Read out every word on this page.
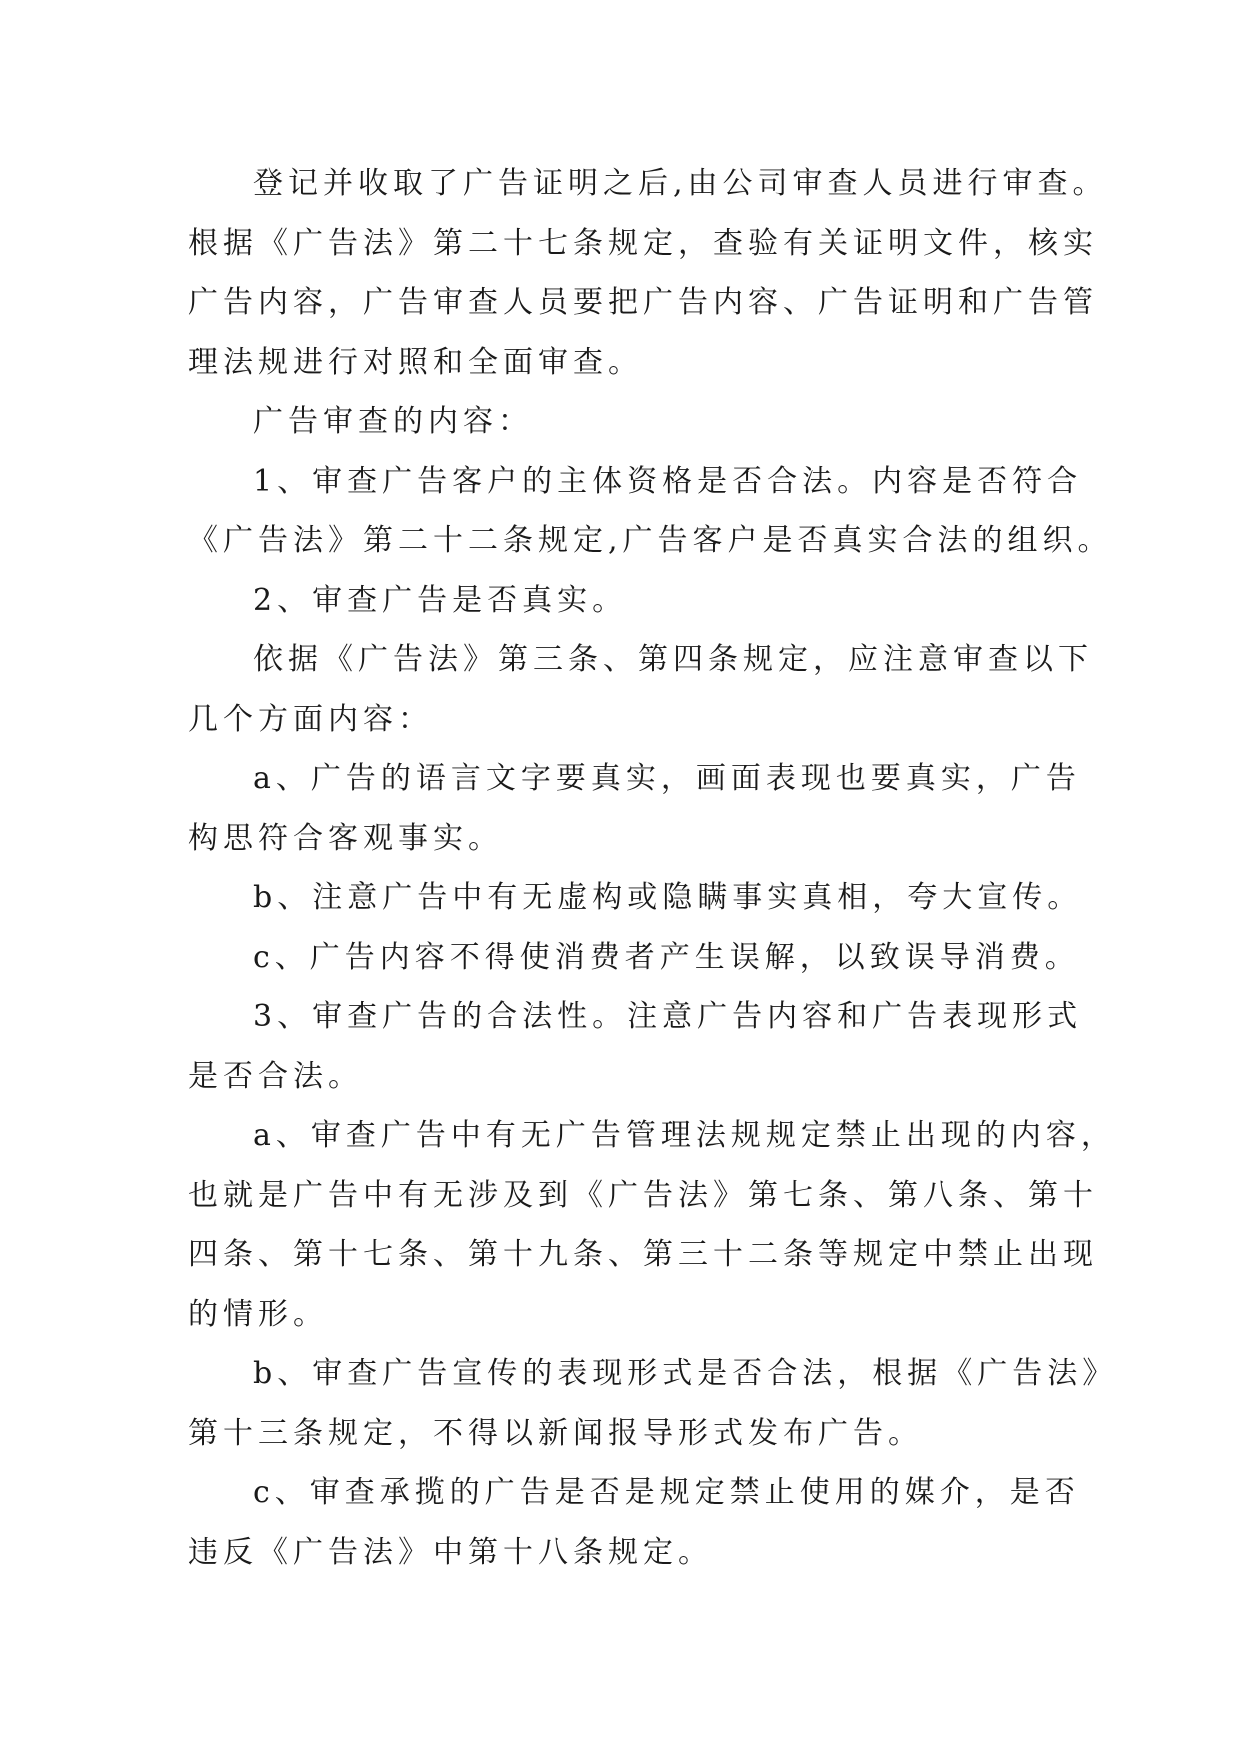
登记并收取了广告证明之后,由公司审查人员进行审查。
根据《广告法》第二十七条规定，查验有关证明文件，核实
广告内容，广告审查人员要把广告内容、广告证明和广告管
理法规进行对照和全面审查。
广告审查的内容：
1、审查广告客户的主体资格是否合法。内容是否符合
《广告法》第二十二条规定,广告客户是否真实合法的组织。
2、审查广告是否真实。
依据《广告法》第三条、第四条规定，应注意审查以下
几个方面内容：
a、广告的语言文字要真实，画面表现也要真实，广告
构思符合客观事实。
b、注意广告中有无虚构或隐瞒事实真相，夸大宣传。
c、广告内容不得使消费者产生误解，以致误导消费。
3、审查广告的合法性。注意广告内容和广告表现形式
是否合法。
a、审查广告中有无广告管理法规规定禁止出现的内容，
也就是广告中有无涉及到《广告法》第七条、第八条、第十
四条、第十七条、第十九条、第三十二条等规定中禁止出现
的情形。
b、审查广告宣传的表现形式是否合法，根据《广告法》
第十三条规定，不得以新闻报导形式发布广告。
c、审查承揽的广告是否是规定禁止使用的媒介，是否
违反《广告法》中第十八条规定。
